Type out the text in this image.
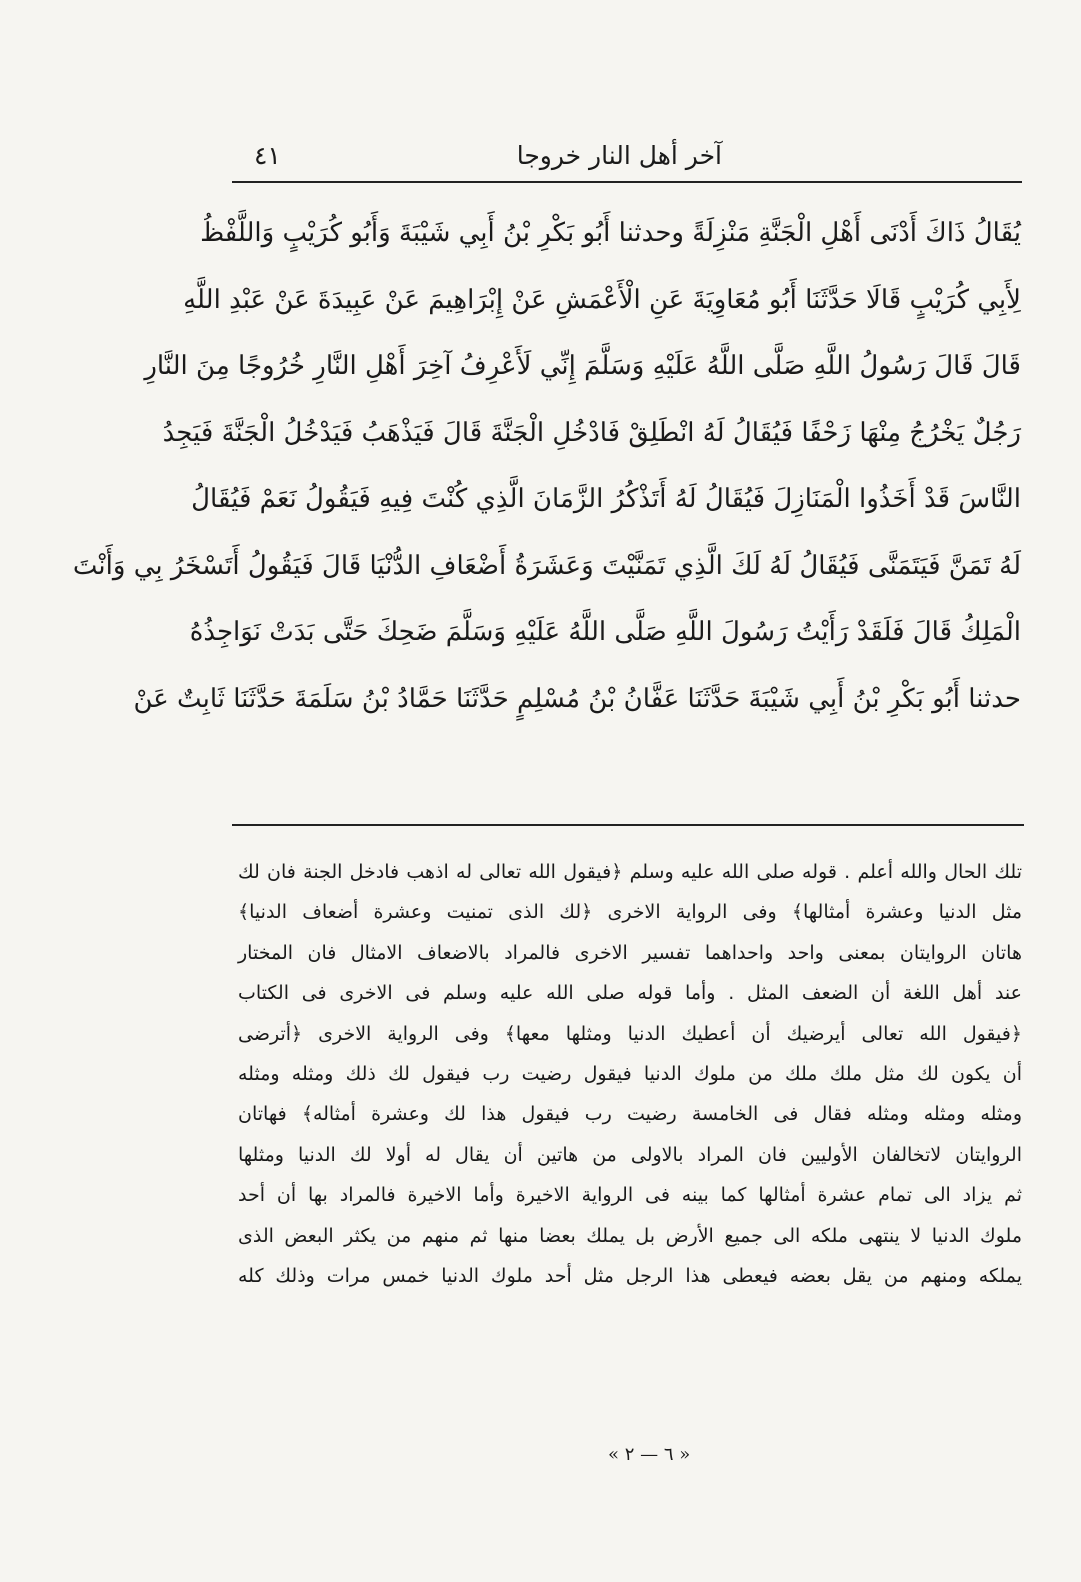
آخر أهل النار خروجا
٤١
يُقَالُ ذَاكَ أَدْنَى أَهْلِ الْجَنَّةِ مَنْزِلَةً وحدثنا أَبُو بَكْرِ بْنُ أَبِي شَيْبَةَ وَأَبُو كُرَيْبٍ وَاللَّفْظُ
لِأَبِي كُرَيْبٍ قَالَا حَدَّثَنَا أَبُو مُعَاوِيَةَ عَنِ الْأَعْمَشِ عَنْ إِبْرَاهِيمَ عَنْ عَبِيدَةَ عَنْ عَبْدِ اللَّهِ
قَالَ قَالَ رَسُولُ اللَّهِ صَلَّى اللَّهُ عَلَيْهِ وَسَلَّمَ إِنِّي لَأَعْرِفُ آخِرَ أَهْلِ النَّارِ خُرُوجًا مِنَ النَّارِ
رَجُلٌ يَخْرُجُ مِنْهَا زَحْفًا فَيُقَالُ لَهُ انْطَلِقْ فَادْخُلِ الْجَنَّةَ قَالَ فَيَذْهَبُ فَيَدْخُلُ الْجَنَّةَ فَيَجِدُ
النَّاسَ قَدْ أَخَذُوا الْمَنَازِلَ فَيُقَالُ لَهُ أَتَذْكُرُ الزَّمَانَ الَّذِي كُنْتَ فِيهِ فَيَقُولُ نَعَمْ فَيُقَالُ
لَهُ تَمَنَّ فَيَتَمَنَّى فَيُقَالُ لَهُ لَكَ الَّذِي تَمَنَّيْتَ وَعَشَرَةُ أَضْعَافِ الدُّنْيَا قَالَ فَيَقُولُ أَتَسْخَرُ بِي وَأَنْتَ
الْمَلِكُ قَالَ فَلَقَدْ رَأَيْتُ رَسُولَ اللَّهِ صَلَّى اللَّهُ عَلَيْهِ وَسَلَّمَ ضَحِكَ حَتَّى بَدَتْ نَوَاجِذُهُ
حدثنا أَبُو بَكْرِ بْنُ أَبِي شَيْبَةَ حَدَّثَنَا عَفَّانُ بْنُ مُسْلِمٍ حَدَّثَنَا حَمَّادُ بْنُ سَلَمَةَ حَدَّثَنَا ثَابِتٌ عَنْ
تلك الحال والله أعلم . قوله صلى الله عليه وسلم ﴿فيقول الله تعالى له اذهب فادخل الجنة فان لك
مثل الدنيا وعشرة أمثالها﴾ وفى الرواية الاخرى ﴿لك الذى تمنيت وعشرة أضعاف الدنيا﴾
هاتان الروايتان بمعنى واحد واحداهما تفسير الاخرى فالمراد بالاضعاف الامثال فان المختار
عند أهل اللغة أن الضعف المثل . وأما قوله صلى الله عليه وسلم فى الاخرى فى الكتاب
﴿فيقول الله تعالى أيرضيك أن أعطيك الدنيا ومثلها معها﴾ وفى الرواية الاخرى ﴿أترضى
أن يكون لك مثل ملك ملك من ملوك الدنيا فيقول رضيت رب فيقول لك ذلك ومثله ومثله
ومثله ومثله ومثله فقال فى الخامسة رضيت رب فيقول هذا لك وعشرة أمثاله﴾ فهاتان
الروايتان لاتخالفان الأوليين فان المراد بالاولى من هاتين أن يقال له أولا لك الدنيا ومثلها
ثم يزاد الى تمام عشرة أمثالها كما بينه فى الرواية الاخيرة وأما الاخيرة فالمراد بها أن أحد
ملوك الدنيا لا ينتهى ملكه الى جميع الأرض بل يملك بعضا منها ثم منهم من يكثر البعض الذى
يملكه ومنهم من يقل بعضه فيعطى هذا الرجل مثل أحد ملوك الدنيا خمس مرات وذلك كله
« ٦ — ٢ »
